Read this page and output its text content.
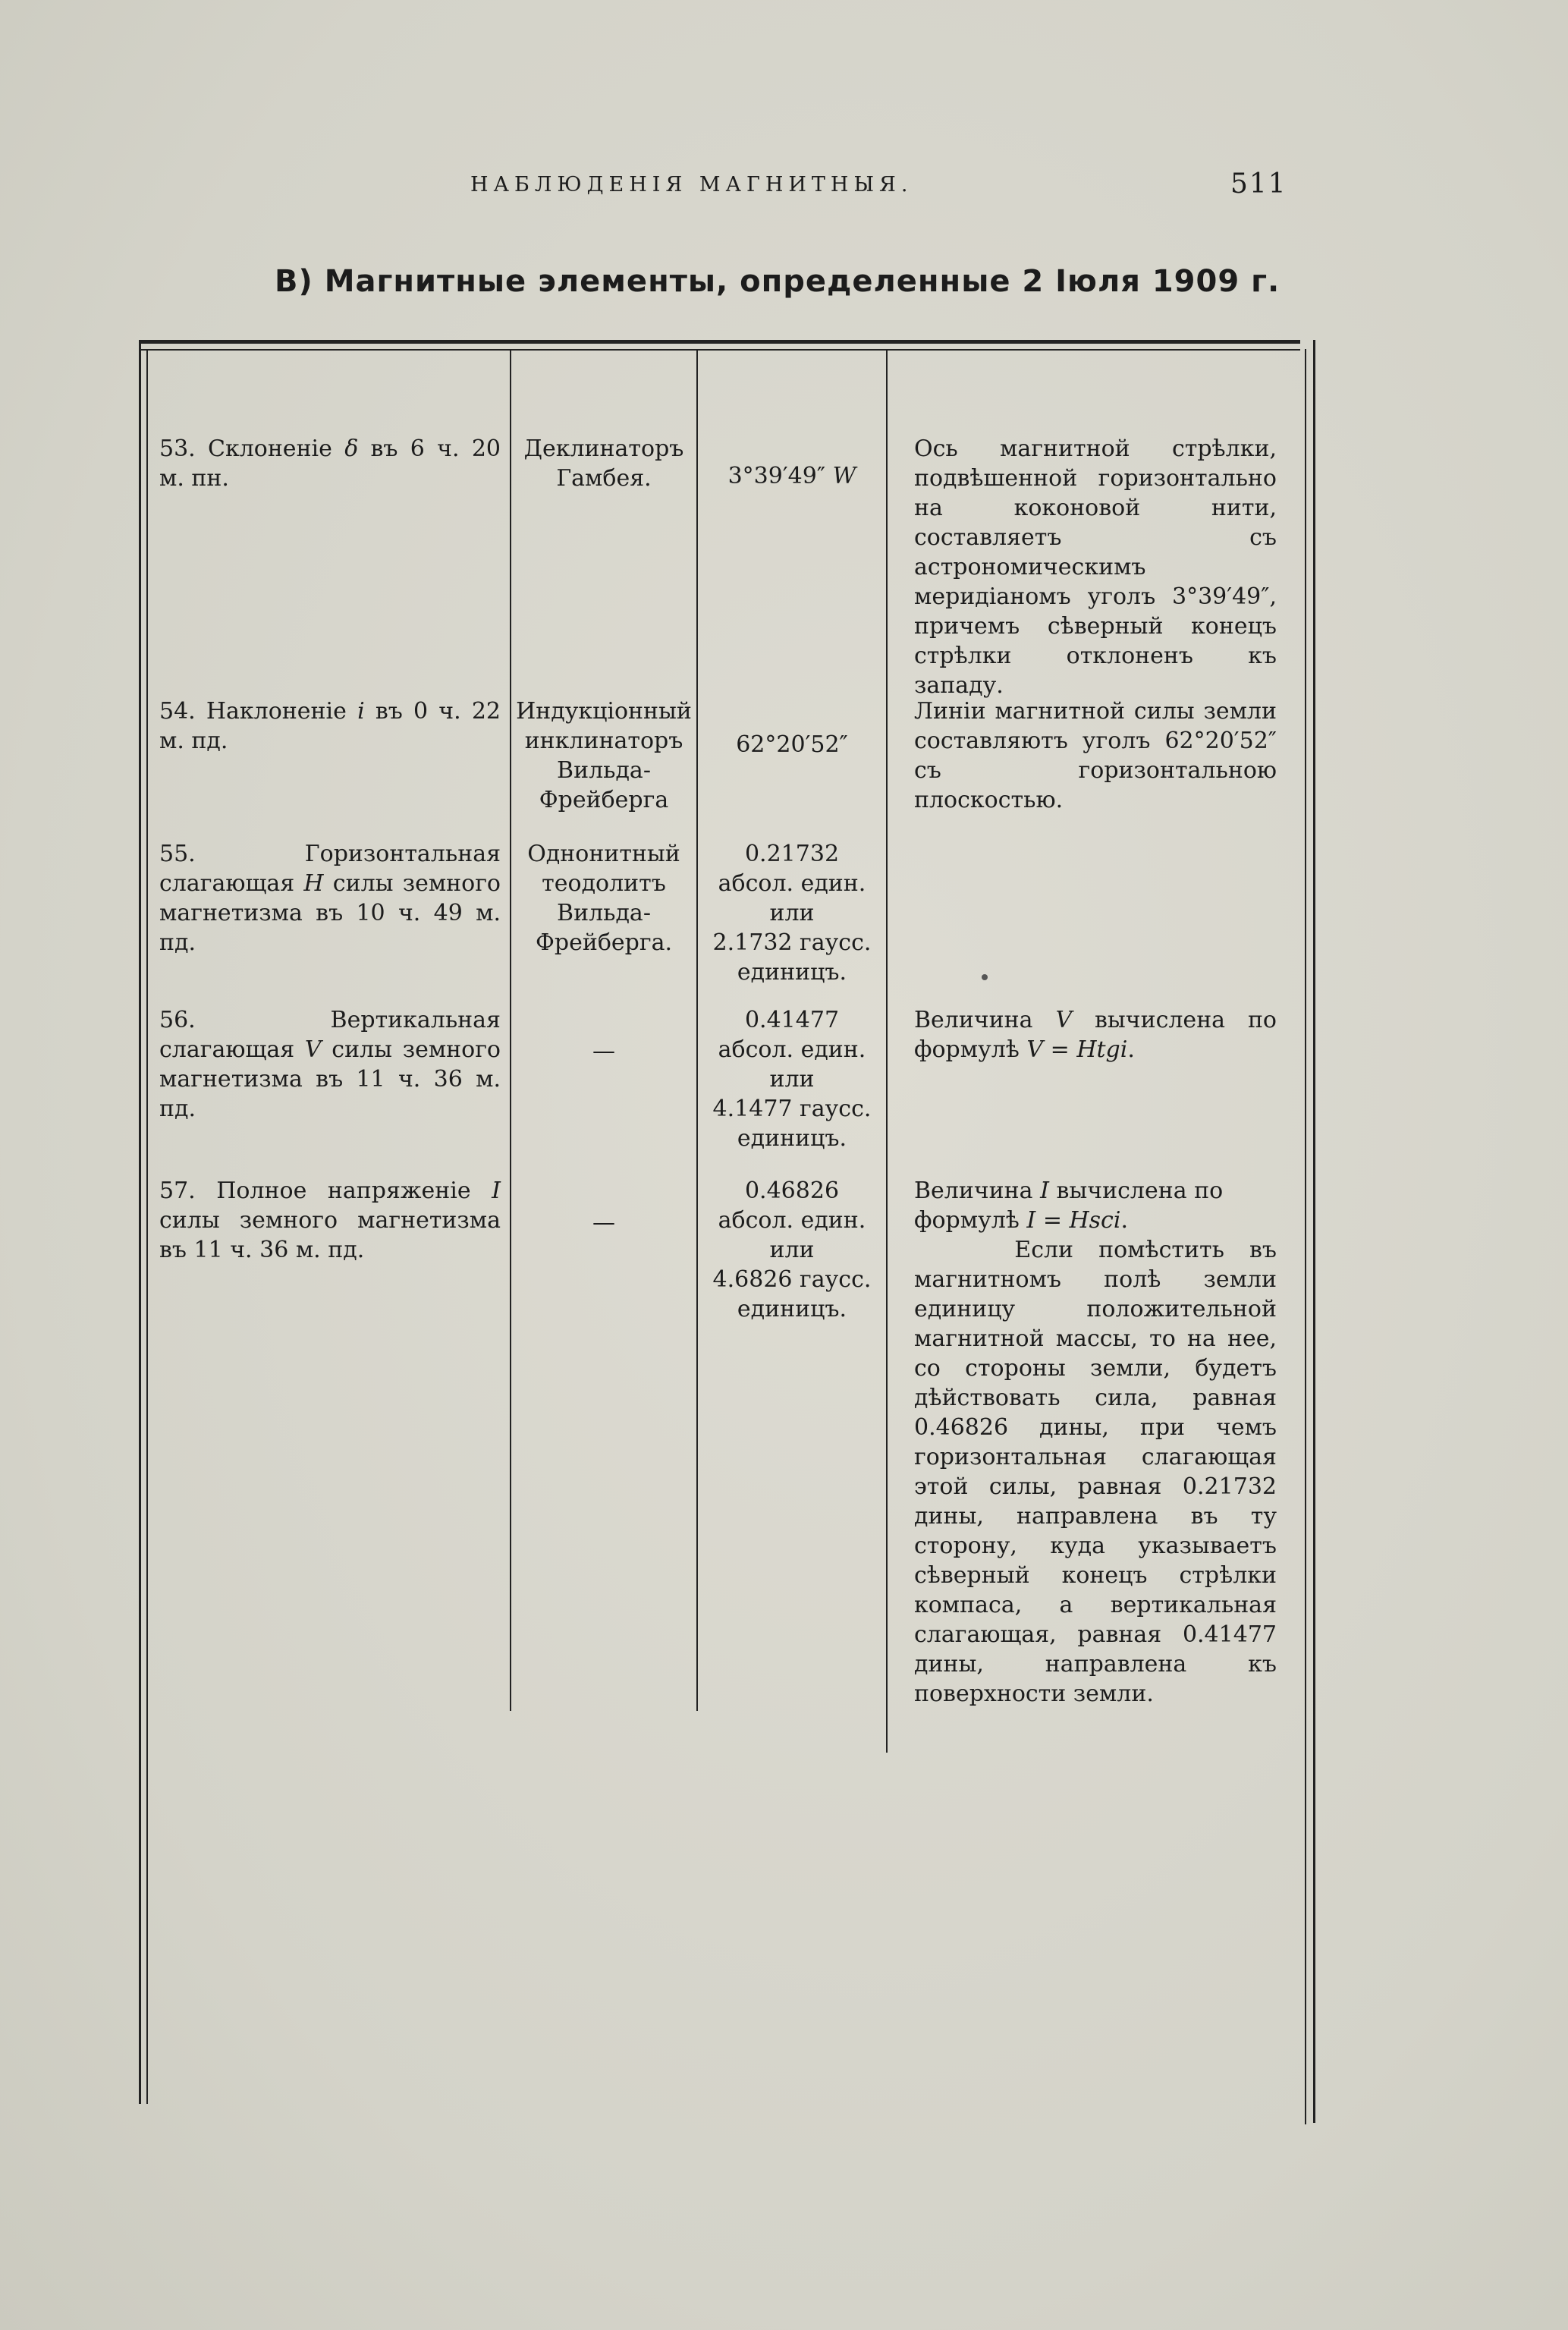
НАБЛЮДЕНІЯ МАГНИТНЫЯ.	511
В) Магнитные элементы, определенные 2 Іюля 1909 г.
53. Склоненіе δ въ 6 ч. 20 м. пн.
Деклинаторъ Гамбея.	3°39′49″ W
Ось магнитной стрѣлки, подвѣшенной горизонтально на коконовой нити, составляетъ съ астрономическимъ меридіаномъ уголъ 3°39′49″, причемъ сѣверный конецъ стрѣлки отклоненъ къ западу.
54. Наклоненіе i въ 0 ч. 22 м. пд.
Индукціонный инклинаторъ Вильда-Фрейберга
62°20′52″
Линіи магнитной силы земли составляютъ уголъ 62°20′52″ съ горизонтальною плоскостью.
55. Горизонтальная слагающая H силы земного магнетизма въ 10 ч. 49 м. пд.
Однонитный теодолитъ Вильда-Фрейберга.
0.21732
абсол. един.
или
2.1732 гаусс.
единицъ.
56. Вертикальная слагающая V силы земного магнетизма въ 11 ч. 36 м. пд.
—
0.41477
абсол. един.
или
4.1477 гаусс.
единицъ.
Величина V вычислена по формулѣ V = Htgi.
57. Полное напряженіе I силы земного магнетизма въ 11 ч. 36 м. пд.
—
0.46826
абсол. един.
или
4.6826 гаусс.
единицъ.

Величина I вычислена по формулѣ I = Hsci.

Если помѣстить въ магнитномъ полѣ земли единицу положительной магнитной массы, то на нее, со стороны земли, будетъ дѣйствовать сила, равная 0.46826 дины, при чемъ горизонтальная слагающая этой силы, равная 0.21732 дины, направлена въ ту сторону, куда указываетъ сѣверный конецъ стрѣлки компаса, а вертикальная слагающая, равная 0.41477 дины, направлена къ поверхности земли.
